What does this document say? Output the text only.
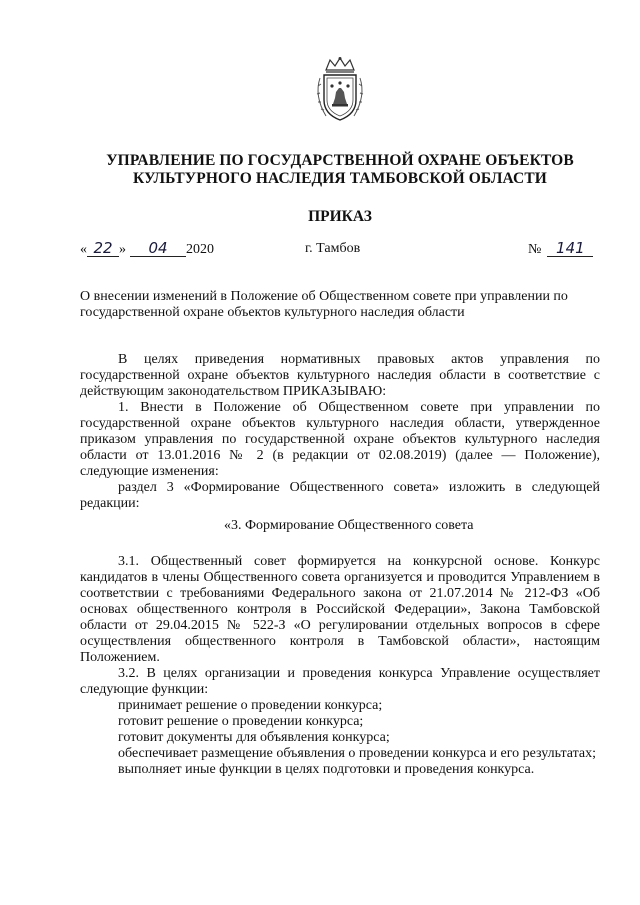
УПРАВЛЕНИЕ ПО ГОСУДАРСТВЕННОЙ ОХРАНЕ ОБЪЕКТОВ
КУЛЬТУРНОГО НАСЛЕДИЯ ТАМБОВСКОЙ ОБЛАСТИ
ПРИКАЗ
« 22 » 04 2020	г. Тамбов	№ 141
О внесении изменений в Положение об Общественном совете при управлении по государственной охране объектов культурного наследия области

В целях приведения нормативных правовых актов управления по государственной охране объектов культурного наследия области в соответствие с действующим законодательством ПРИКАЗЫВАЮ:

1. Внести в Положение об Общественном совете при управлении по государственной охране объектов культурного наследия области, утвержденное приказом управления по государственной охране объектов культурного наследия области от 13.01.2016 № 2 (в редакции от 02.08.2019) (далее — Положение), следующие изменения:

раздел 3 «Формирование Общественного совета» изложить в следующей редакции:

«3. Формирование Общественного совета

3.1. Общественный совет формируется на конкурсной основе. Конкурс кандидатов в члены Общественного совета организуется и проводится Управлением в соответствии с требованиями Федерального закона от 21.07.2014 № 212-ФЗ «Об основах общественного контроля в Российской Федерации», Закона Тамбовской области от 29.04.2015 № 522-З «О регулировании отдельных вопросов в сфере осуществления общественного контроля в Тамбовской области», настоящим Положением.

3.2. В целях организации и проведения конкурса Управление осуществляет следующие функции:

принимает решение о проведении конкурса;

готовит решение о проведении конкурса;

готовит документы для объявления конкурса;

обеспечивает размещение объявления о проведении конкурса и его результатах;

выполняет иные функции в целях подготовки и проведения конкурса.
